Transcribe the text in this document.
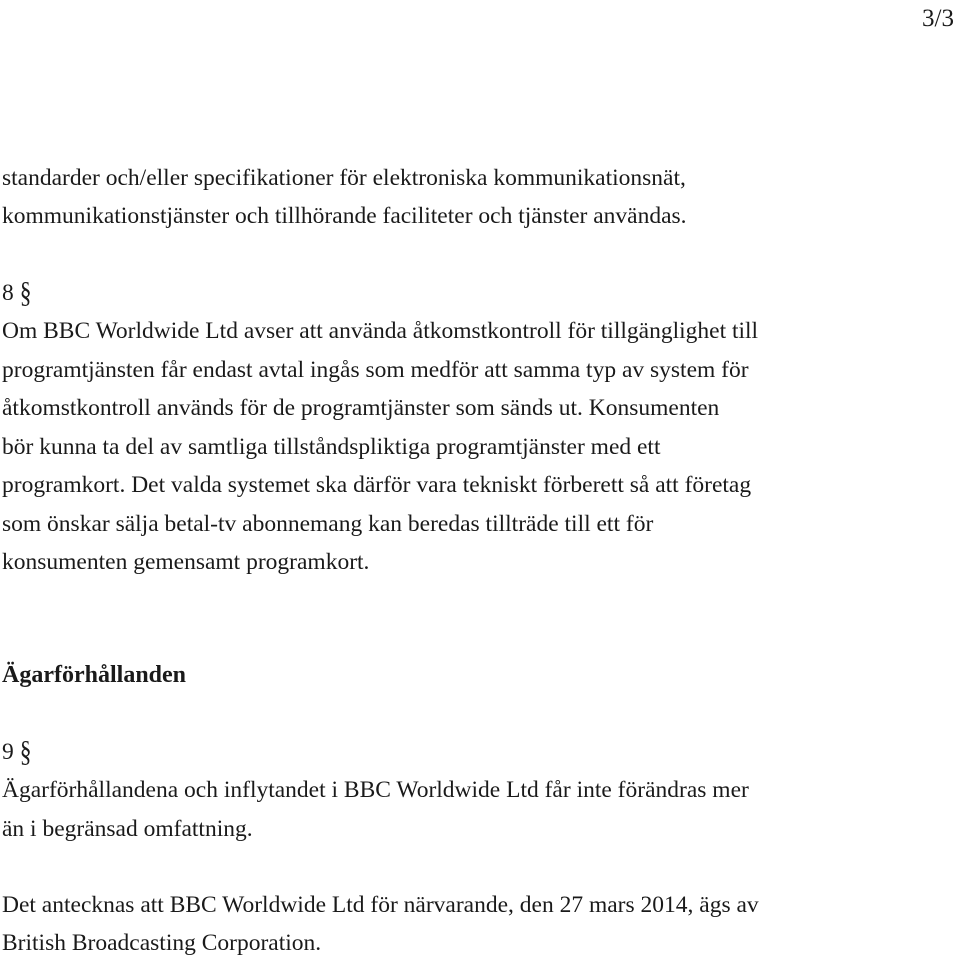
3/3

standarder och/eller specifikationer för elektroniska kommunikationsnät,

kommunikationstjänster och tillhörande faciliteter och tjänster användas.

8 §

Om BBC Worldwide Ltd avser att använda åtkomstkontroll för tillgänglighet till

programtjänsten får endast avtal ingås som medför att samma typ av system för

åtkomstkontroll används för de programtjänster som sänds ut. Konsumenten

bör kunna ta del av samtliga tillståndspliktiga programtjänster med ett

programkort. Det valda systemet ska därför vara tekniskt förberett så att företag

som önskar sälja betal-tv abonnemang kan beredas tillträde till ett för

konsumenten gemensamt programkort.

Ägarförhållanden
9 §

Ägarförhållandena och inflytandet i BBC Worldwide Ltd får inte förändras mer

än i begränsad omfattning.

Det antecknas att BBC Worldwide Ltd för närvarande, den 27 mars 2014, ägs av

British Broadcasting Corporation.
